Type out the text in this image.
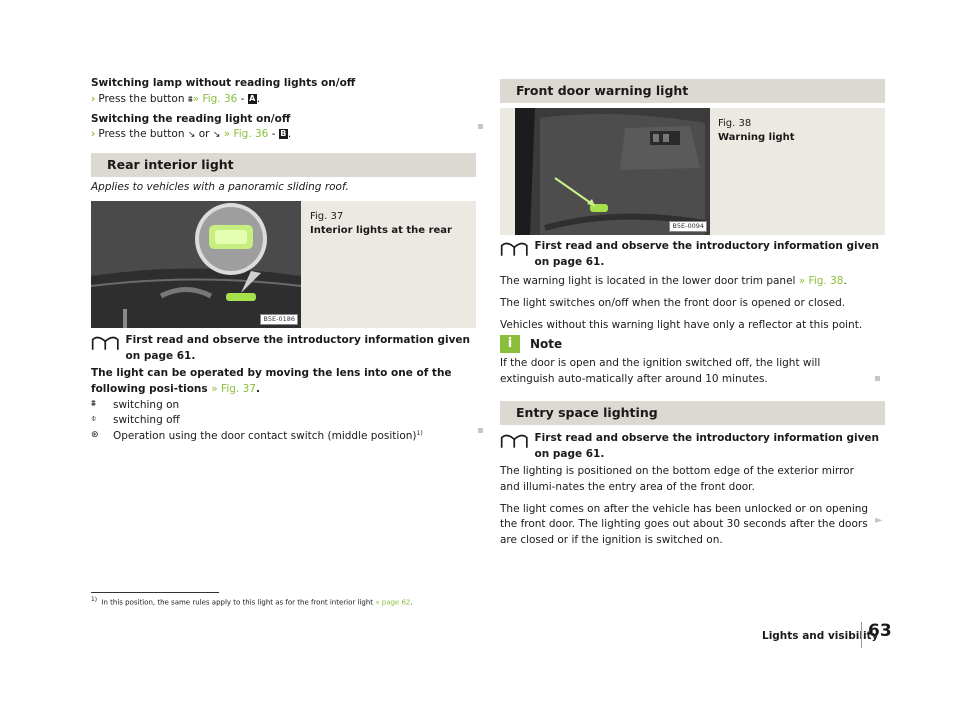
Switching lamp without reading lights on/off
› Press the button ⩩» Fig. 36 - A.
Switching the reading light on/off
› Press the button ↘ or ↘ » Fig. 36 - B.
Rear interior light
Applies to vehicles with a panoramic sliding roof.
B5E-0186
Fig. 37
Interior lights at the rear
First read and observe the introductory information given on page 61.
The light can be operated by moving the lens into one of the following posi-tions » Fig. 37.
⩩	switching on
⌽	switching off
⊛	Operation using the door contact switch (middle position) 1)
Front door warning light
B5E-0094
Fig. 38
Warning light
First read and observe the introductory information given on page 61.
The warning light is located in the lower door trim panel » Fig. 38.
The light switches on/off when the front door is opened or closed.
Vehicles without this warning light have only a reflector at this point.
i	Note
If the door is open and the ignition switched off, the light will extinguish auto-matically after around 10 minutes.
Entry space lighting
First read and observe the introductory information given on page 61.
The lighting is positioned on the bottom edge of the exterior mirror and illumi-nates the entry area of the front door.
The light comes on after the vehicle has been unlocked or on opening the front door. The lighting goes out about 30 seconds after the doors are closed or if the ignition is switched on.
►
$^{1)}$ In this position, the same rules apply to this light as for the front interior light » page 62.
Lights and visibility
63
